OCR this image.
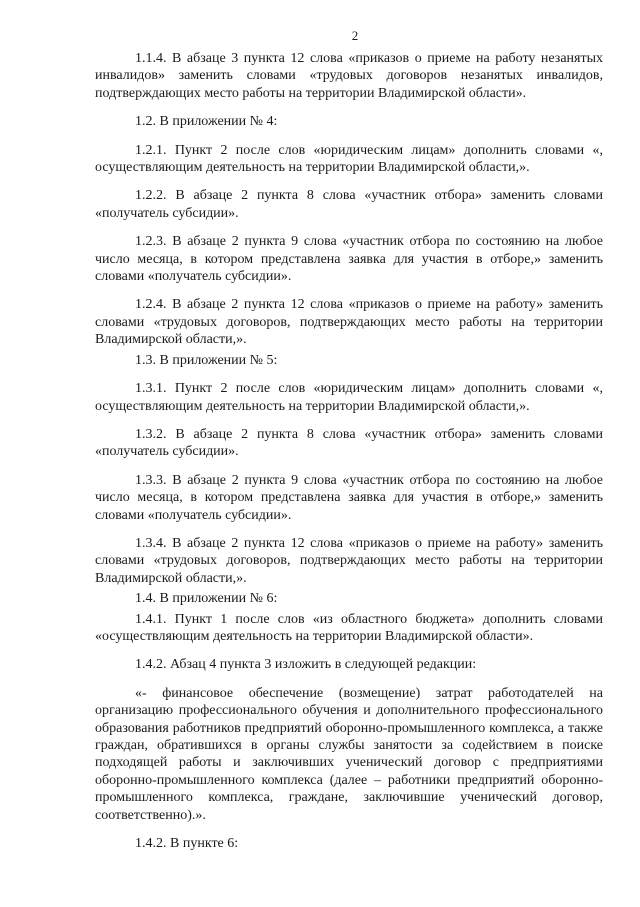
2

1.1.4. В абзаце 3 пункта 12 слова «приказов о приеме на работу незанятых инвалидов» заменить словами «трудовых договоров незанятых инвалидов, подтверждающих место работы на территории Владимирской области».

1.2. В приложении № 4:

1.2.1. Пункт 2 после слов «юридическим лицам» дополнить словами «, осуществляющим деятельность на территории Владимирской области,».

1.2.2. В абзаце 2 пункта 8 слова «участник отбора» заменить словами «получатель субсидии».

1.2.3. В абзаце 2 пункта 9 слова «участник отбора по состоянию на любое число месяца, в котором представлена заявка для участия в отборе,» заменить словами «получатель субсидии».

1.2.4. В абзаце 2 пункта 12 слова «приказов о приеме на работу» заменить словами «трудовых договоров, подтверждающих место работы на территории Владимирской области,».

1.3. В приложении № 5:

1.3.1. Пункт 2 после слов «юридическим лицам» дополнить словами «, осуществляющим деятельность на территории Владимирской области,».

1.3.2. В абзаце 2 пункта 8 слова «участник отбора» заменить словами «получатель субсидии».

1.3.3. В абзаце 2 пункта 9 слова «участник отбора по состоянию на любое число месяца, в котором представлена заявка для участия в отборе,» заменить словами «получатель субсидии».

1.3.4. В абзаце 2 пункта 12 слова «приказов о приеме на работу» заменить словами «трудовых договоров, подтверждающих место работы на территории Владимирской области,».

1.4. В приложении № 6:

1.4.1. Пункт 1 после слов «из областного бюджета» дополнить словами «осуществляющим деятельность на территории Владимирской области».

1.4.2. Абзац 4 пункта 3 изложить в следующей редакции:

«- финансовое обеспечение (возмещение) затрат работодателей на организацию профессионального обучения и дополнительного профессионального образования работников предприятий оборонно-промышленного комплекса, а также граждан, обратившихся в органы службы занятости за содействием в поиске подходящей работы и заключивших ученический договор с предприятиями оборонно-промышленного комплекса (далее – работники предприятий оборонно-промышленного комплекса, граждане, заключившие ученический договор, соответственно).».

1.4.2. В пункте 6:
